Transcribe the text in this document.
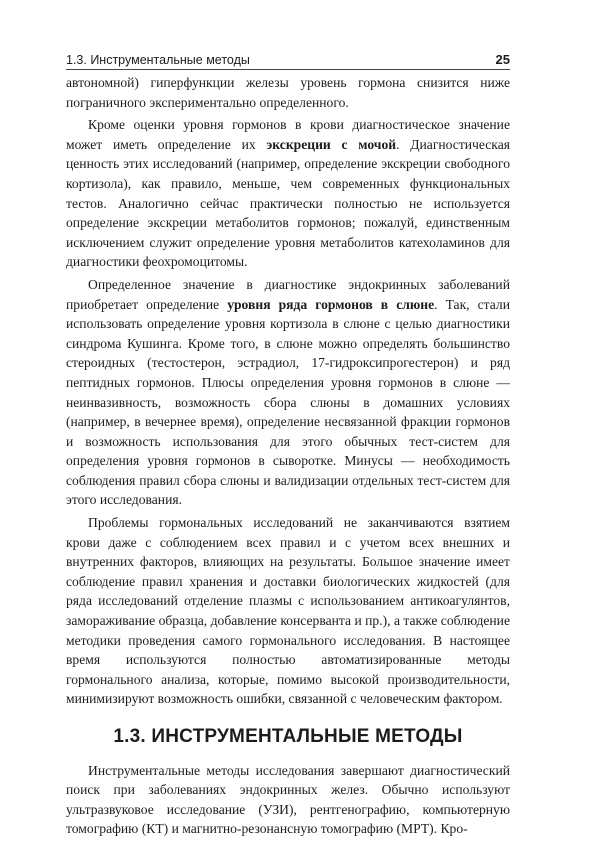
1.3. Инструментальные методы	25

автономной) гиперфункции железы уровень гормона снизится ниже пограничного экспериментально определенного.

Кроме оценки уровня гормонов в крови диагностическое значение может иметь определение их экскреции с мочой. Диагностическая ценность этих исследований (например, определение экскреции свободного кортизола), как правило, меньше, чем современных функциональных тестов. Аналогично сейчас практически полностью не используется определение экскреции метаболитов гормонов; пожалуй, единственным исключением служит определение уровня метаболитов катехоламинов для диагностики феохромоцитомы.

Определенное значение в диагностике эндокринных заболеваний приобретает определение уровня ряда гормонов в слюне. Так, стали использовать определение уровня кортизола в слюне с целью диагностики синдрома Кушинга. Кроме того, в слюне можно определять большинство стероидных (тестостерон, эстрадиол, 17-гидроксипрогестерон) и ряд пептидных гормонов. Плюсы определения уровня гормонов в слюне — неинвазивность, возможность сбора слюны в домашних условиях (например, в вечернее время), определение несвязанной фракции гормонов и возможность использования для этого обычных тест-систем для определения уровня гормонов в сыворотке. Минусы — необходимость соблюдения правил сбора слюны и валидизации отдельных тест-систем для этого исследования.

Проблемы гормональных исследований не заканчиваются взятием крови даже с соблюдением всех правил и с учетом всех внешних и внутренних факторов, влияющих на результаты. Большое значение имеет соблюдение правил хранения и доставки биологических жидкостей (для ряда исследований отделение плазмы с использованием антикоагулянтов, замораживание образца, добавление консерванта и пр.), а также соблюдение методики проведения самого гормонального исследования. В настоящее время используются полностью автоматизированные методы гормонального анализа, которые, помимо высокой производительности, минимизируют возможность ошибки, связанной с человеческим фактором.

1.3. ИНСТРУМЕНТАЛЬНЫЕ МЕТОДЫ

Инструментальные методы исследования завершают диагностический поиск при заболеваниях эндокринных желез. Обычно используют ультразвуковое исследование (УЗИ), рентгенографию, компьютерную томографию (КТ) и магнитно-резонансную томографию (МРТ). Кро-
